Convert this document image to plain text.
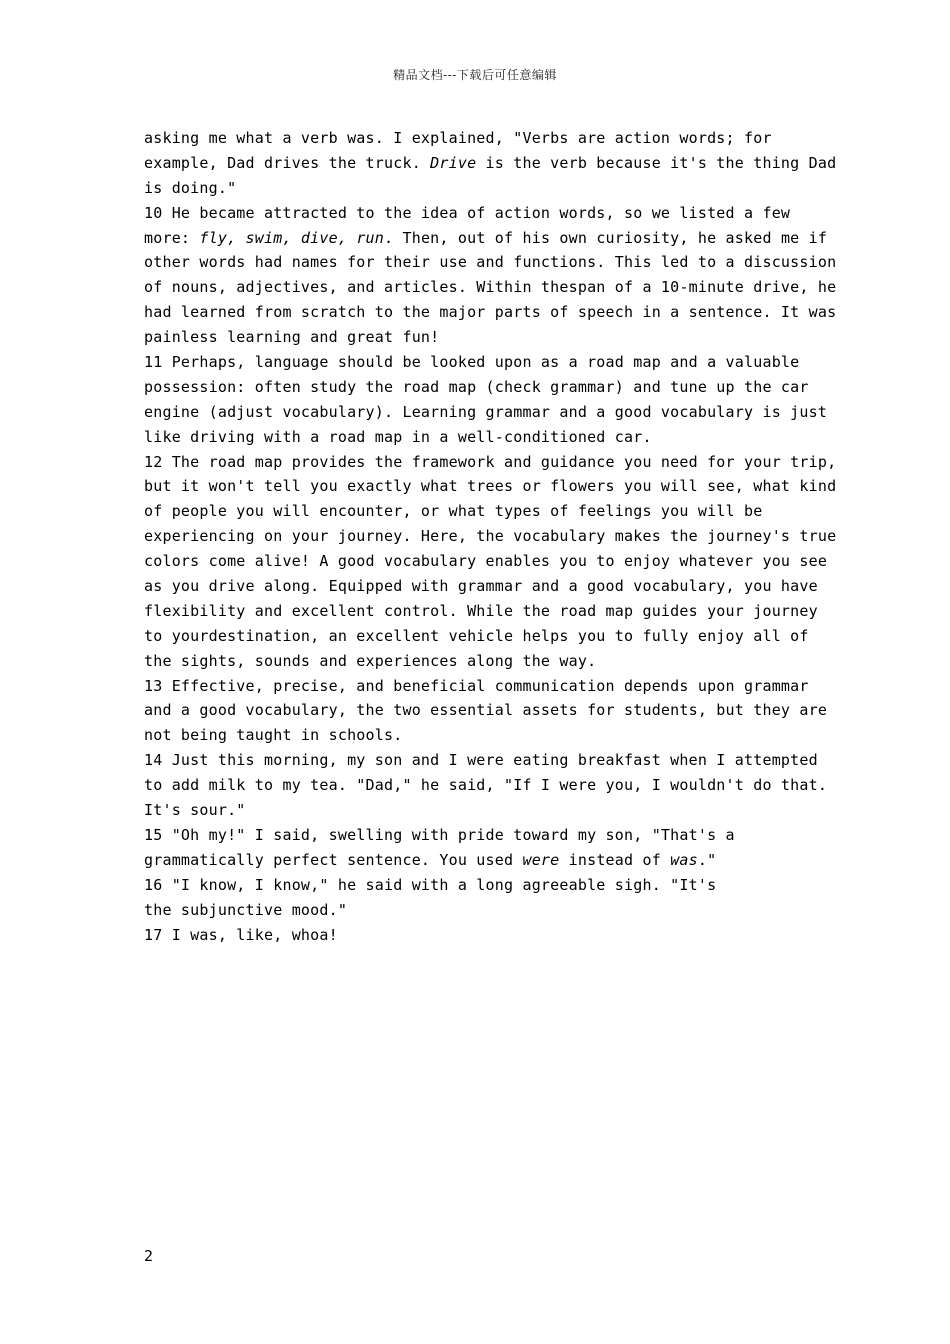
精品文档---下载后可任意编辑
asking me what a verb was. I explained, "Verbs are action words; for
example, Dad drives the truck. Drive is the verb because it's the thing Dad
is doing."
10 He became attracted to the idea of action words, so we listed a few
more: fly, swim, dive, run. Then, out of his own curiosity, he asked me if
other words had names for their use and functions. This led to a discussion
of nouns, adjectives, and articles. Within thespan of a 10-minute drive, he
had learned from scratch to the major parts of speech in a sentence. It was
painless learning and great fun!
11 Perhaps, language should be looked upon as a road map and a valuable
possession: often study the road map (check grammar) and tune up the car
engine (adjust vocabulary). Learning grammar and a good vocabulary is just
like driving with a road map in a well-conditioned car.
12 The road map provides the framework and guidance you need for your trip,
but it won't tell you exactly what trees or flowers you will see, what kind
of people you will encounter, or what types of feelings you will be
experiencing on your journey. Here, the vocabulary makes the journey's true
colors come alive! A good vocabulary enables you to enjoy whatever you see
as you drive along. Equipped with grammar and a good vocabulary, you have
flexibility and excellent control. While the road map guides your journey
to yourdestination, an excellent vehicle helps you to fully enjoy all of
the sights, sounds and experiences along the way.
13 Effective, precise, and beneficial communication depends upon grammar
and a good vocabulary, the two essential assets for students, but they are
not being taught in schools.
14 Just this morning, my son and I were eating breakfast when I attempted
to add milk to my tea. "Dad," he said, "If I were you, I wouldn't do that.
It's sour."
15 "Oh my!" I said, swelling with pride toward my son, "That's a
grammatically perfect sentence. You used were instead of was."
16 "I know, I know," he said with a long agreeable sigh. "It's
the subjunctive mood."
17 I was, like, whoa!
2
